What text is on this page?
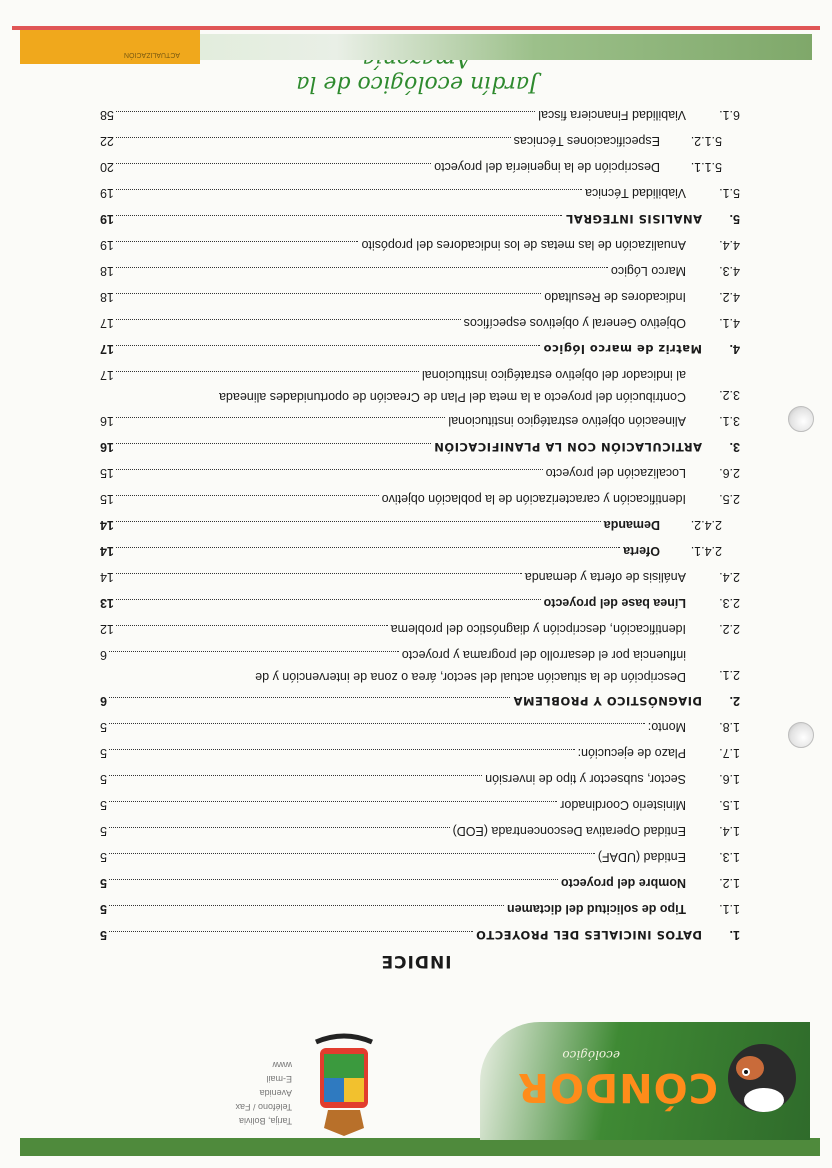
CÓNDOR
ecológico
Tarija, Bolivia
Teléfono / Fax
Avenida
E-mail
www
INDICE
1.
DATOS INICIALES DEL PROYECTO
5
1.1.
Tipo de solicitud del dictamen
5
1.2.
Nombre del proyecto
5
1.3.
Entidad (UDAF)
5
1.4.
Entidad Operativa Desconcentrada (EOD)
5
1.5.
Ministerio Coordinador
5
1.6.
Sector, subsector y tipo de inversión
5
1.7.
Plazo de ejecución:
5
1.8.
Monto:
5
2.
DIAGNÓSTICO Y PROBLEMA
6
2.1.
Descripción de la situación actual del sector, área o zona de intervención y de
influencia por el desarrollo del programa y proyecto
6
2.2.
Identificación, descripción y diagnóstico del problema
12
2.3.
Línea base del proyecto
13
2.4.
Análisis de oferta y demanda
14
2.4.1.
Oferta
14
2.4.2.
Demanda
14
2.5.
Identificación y caracterización de la población objetivo
15
2.6.
Localización del proyecto
15
3.
ARTICULACIÓN CON LA PLANIFICACIÓN
16
3.1.
Alineación objetivo estratégico institucional
16
3.2.
Contribución del proyecto a la meta del Plan de Creación de oportunidades alineada
al indicador del objetivo estratégico institucional
17
4.
Matriz de marco lógico
17
4.1.
Objetivo General y objetivos específicos
17
4.2.
Indicadores de Resultado
18
4.3.
Marco Lógico
18
4.4.
Anualización de las metas de los indicadores del propósito
19
5.
ANALISIS INTEGRAL
19
5.1.
Viabilidad Técnica
19
5.1.1.
Descripción de la ingeniería del proyecto
20
5.1.2.
Especificaciones Técnicas
22
6.1.
Viabilidad Financiera fiscal
58
Jardín ecológico de la
ACTUALIZACIÓN
